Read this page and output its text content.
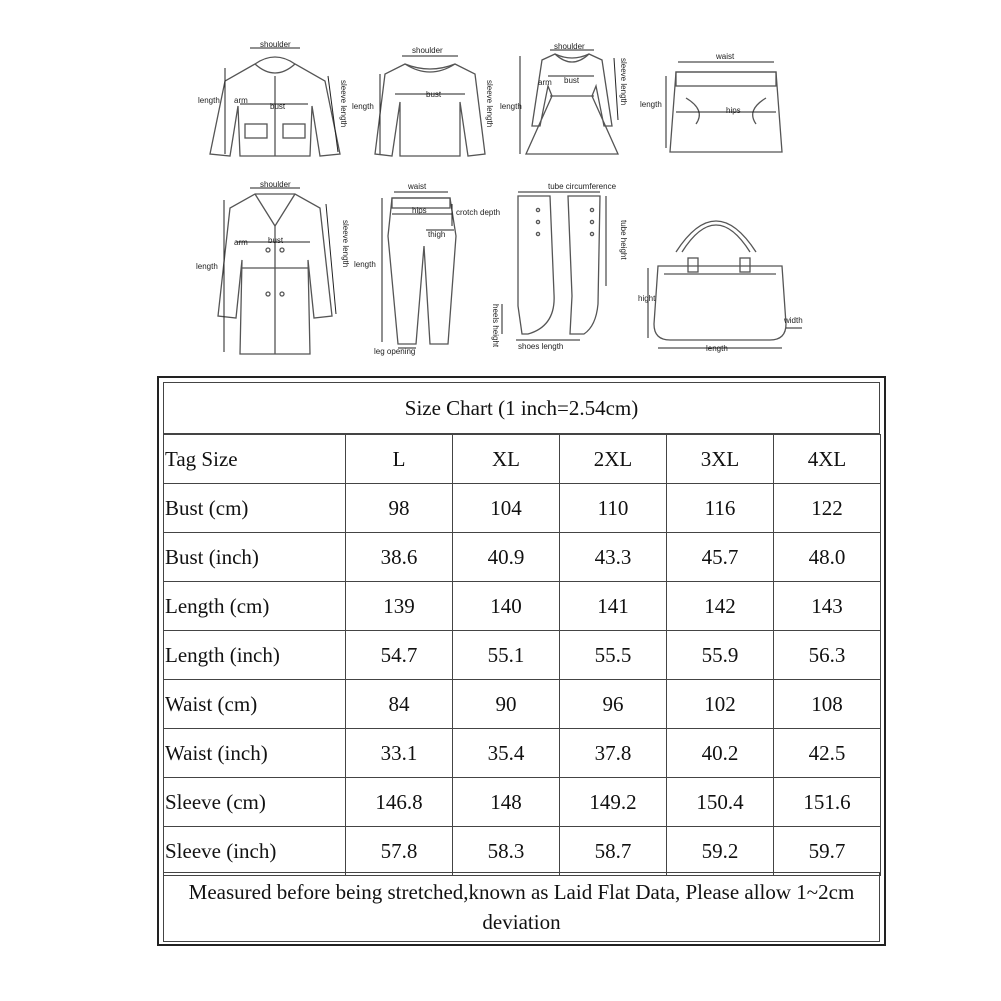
shoulder
length arm
bust	sleeve length
shoulder
length
bust	sleeve length
shoulder
length
arm bust	sleeve length
waist
length
hips
shoulder
length
arm	bust	sleeve length
waist
length
hips	crotch depth
thigh
leg opening
tube circumference
tube height
heels height shoes length
hight
width
length
Size Chart (1 inch=2.54cm)
Tag Size	L	XL	2XL	3XL	4XL
Bust (cm)	98	104	110	116	122
Bust (inch)	38.6	40.9	43.3	45.7	48.0
Length (cm)	139	140	141	142	143
Length (inch)	54.7	55.1	55.5	55.9	56.3
Waist (cm)	84	90	96	102	108
Waist (inch)	33.1	35.4	37.8	40.2	42.5
Sleeve (cm)	146.8	148	149.2	150.4	151.6
Sleeve (inch)	57.8	58.3	58.7	59.2	59.7
Measured before being stretched,known as Laid Flat Data, Please allow 1~2cm deviation
